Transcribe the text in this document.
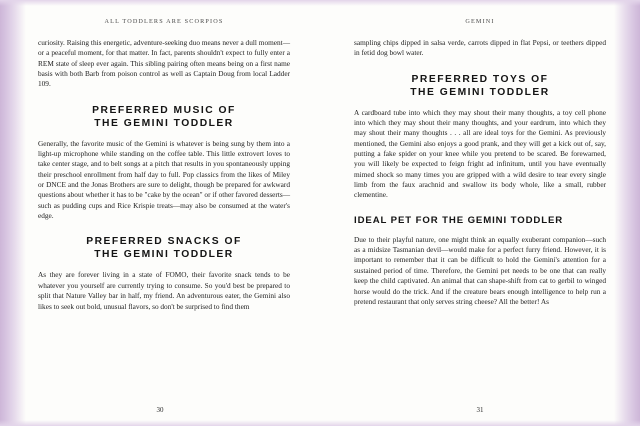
ALL TODDLERS ARE SCORPIOS

curiosity. Raising this energetic, adventure-seeking duo means never a dull moment—or a peaceful moment, for that matter. In fact, parents shouldn't expect to fully enter a REM state of sleep ever again. This sibling pairing often means being on a first name basis with both Barb from poison control as well as Captain Doug from local Ladder 109.

PREFERRED MUSIC OF
THE GEMINI TODDLER

Generally, the favorite music of the Gemini is whatever is being sung by them into a light-up microphone while standing on the coffee table. This little extrovert loves to take center stage, and to belt songs at a pitch that results in you spontaneously upping their preschool enrollment from half day to full. Pop classics from the likes of Miley or DNCE and the Jonas Brothers are sure to delight, though be prepared for awkward questions about whether it has to be "cake by the ocean" or if other favored desserts—such as pudding cups and Rice Krispie treats—may also be consumed at the water's edge.

PREFERRED SNACKS OF
THE GEMINI TODDLER

As they are forever living in a state of FOMO, their favorite snack tends to be whatever you yourself are currently trying to consume. So you'd best be prepared to split that Nature Valley bar in half, my friend. An adventurous eater, the Gemini also likes to seek out bold, unusual flavors, so don't be surprised to find them

30
GEMINI

sampling chips dipped in salsa verde, carrots dipped in flat Pepsi, or teethers dipped in fetid dog bowl water.

PREFERRED TOYS OF
THE GEMINI TODDLER

A cardboard tube into which they may shout their many thoughts, a toy cell phone into which they may shout their many thoughts, and your eardrum, into which they may shout their many thoughts . . . all are ideal toys for the Gemini. As previously mentioned, the Gemini also enjoys a good prank, and they will get a kick out of, say, putting a fake spider on your knee while you pretend to be scared. Be forewarned, you will likely be expected to feign fright ad infinitum, until you have eventually mimed shock so many times you are gripped with a wild desire to tear every single limb from the faux arachnid and swallow its body whole, like a small, rubber clementine.

IDEAL PET FOR THE GEMINI TODDLER

Due to their playful nature, one might think an equally exuberant companion—such as a midsize Tasmanian devil—would make for a perfect furry friend. However, it is important to remember that it can be difficult to hold the Gemini's attention for a sustained period of time. Therefore, the Gemini pet needs to be one that can really keep the child captivated. An animal that can shape-shift from cat to gerbil to winged horse would do the trick. And if the creature bears enough intelligence to help run a pretend restaurant that only serves string cheese? All the better! As

31
